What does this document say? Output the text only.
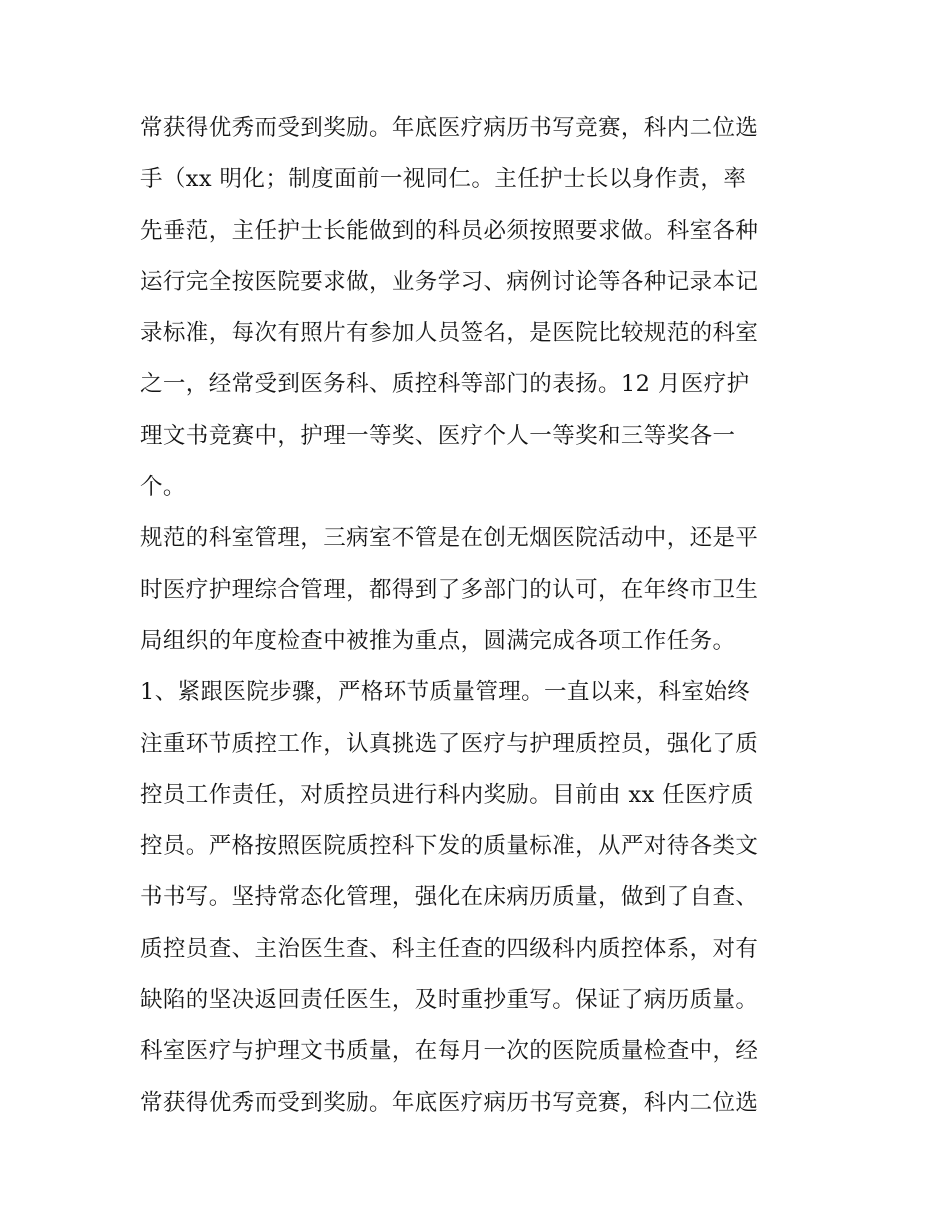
常获得优秀而受到奖励。年底医疗病历书写竞赛，科内二位选
手（xx 明化；制度面前一视同仁。主任护士长以身作责，率
先垂范，主任护士长能做到的科员必须按照要求做。科室各种
运行完全按医院要求做，业务学习、病例讨论等各种记录本记
录标准，每次有照片有参加人员签名，是医院比较规范的科室
之一，经常受到医务科、质控科等部门的表扬。12 月医疗护
理文书竞赛中，护理一等奖、医疗个人一等奖和三等奖各一
个。
规范的科室管理，三病室不管是在创无烟医院活动中，还是平
时医疗护理综合管理，都得到了多部门的认可，在年终市卫生
局组织的年度检查中被推为重点，圆满完成各项工作任务。
1、紧跟医院步骤，严格环节质量管理。一直以来，科室始终
注重环节质控工作，认真挑选了医疗与护理质控员，强化了质
控员工作责任，对质控员进行科内奖励。目前由 xx 任医疗质
控员。严格按照医院质控科下发的质量标准，从严对待各类文
书书写。坚持常态化管理，强化在床病历质量，做到了自查、
质控员查、主治医生查、科主任查的四级科内质控体系，对有
缺陷的坚决返回责任医生，及时重抄重写。保证了病历质量。
科室医疗与护理文书质量，在每月一次的医院质量检查中，经
常获得优秀而受到奖励。年底医疗病历书写竞赛，科内二位选
